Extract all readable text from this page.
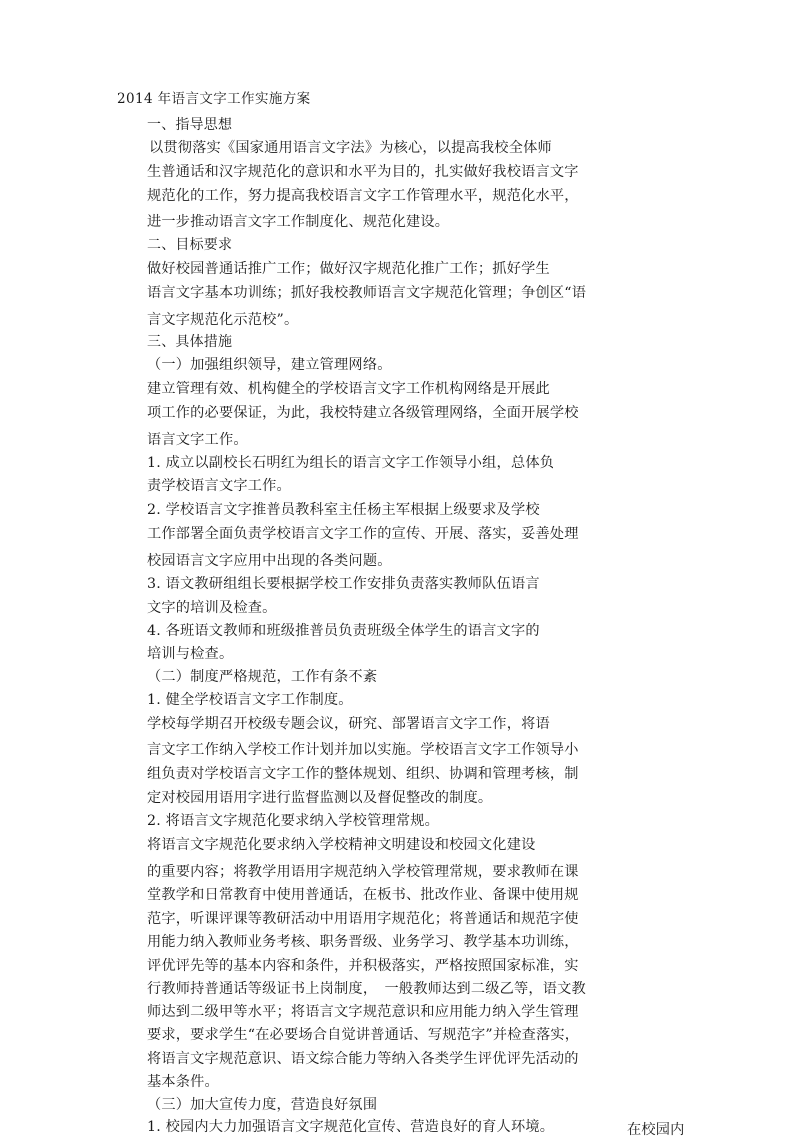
2014 年语言文字工作实施方案
一、指导思想
以贯彻落实《国家通用语言文字法》为核心，以提高我校全体师
生普通话和汉字规范化的意识和水平为目的，扎实做好我校语言文字
规范化的工作，努力提高我校语言文字工作管理水平，规范化水平，
进一步推动语言文字工作制度化、规范化建设。
二、目标要求
做好校园普通话推广工作；做好汉字规范化推广工作；抓好学生
语言文字基本功训练；抓好我校教师语言文字规范化管理；争创区“语
言文字规范化示范校”。
三、具体措施
（一）加强组织领导，建立管理网络。
建立管理有效、机构健全的学校语言文字工作机构网络是开展此
项工作的必要保证，为此，我校特建立各级管理网络，全面开展学校
语言文字工作。
1. 成立以副校长石明红为组长的语言文字工作领导小组，总体负
责学校语言文字工作。
2. 学校语言文字推普员教科室主任杨主军根据上级要求及学校
工作部署全面负责学校语言文字工作的宣传、开展、落实，妥善处理
校园语言文字应用中出现的各类问题。
3. 语文教研组组长要根据学校工作安排负责落实教师队伍语言
文字的培训及检查。
4. 各班语文教师和班级推普员负责班级全体学生的语言文字的
培训与检查。
（二）制度严格规范，工作有条不紊
1. 健全学校语言文字工作制度。
学校每学期召开校级专题会议，研究、部署语言文字工作，将语
言文字工作纳入学校工作计划并加以实施。学校语言文字工作领导小
组负责对学校语言文字工作的整体规划、组织、协调和管理考核，制
定对校园用语用字进行监督监测以及督促整改的制度。
2. 将语言文字规范化要求纳入学校管理常规。
将语言文字规范化要求纳入学校精神文明建设和校园文化建设
的重要内容；将教学用语用字规范纳入学校管理常规，要求教师在课
堂教学和日常教育中使用普通话，在板书、批改作业、备课中使用规
范字，听课评课等教研活动中用语用字规范化；将普通话和规范字使
用能力纳入教师业务考核、职务晋级、业务学习、教学基本功训练，
评优评先等的基本内容和条件，并积极落实，严格按照国家标准，实
行教师持普通话等级证书上岗制度，　一般教师达到二级乙等，语文教
师达到二级甲等水平；将语言文字规范意识和应用能力纳入学生管理
要求，要求学生“在必要场合自觉讲普通话、写规范字”并检查落实，
将语言文字规范意识、语文综合能力等纳入各类学生评优评先活动的
基本条件。
（三）加大宣传力度，营造良好氛围
1. 校园内大力加强语言文字规范化宣传、营造良好的育人环境。	在校园内
